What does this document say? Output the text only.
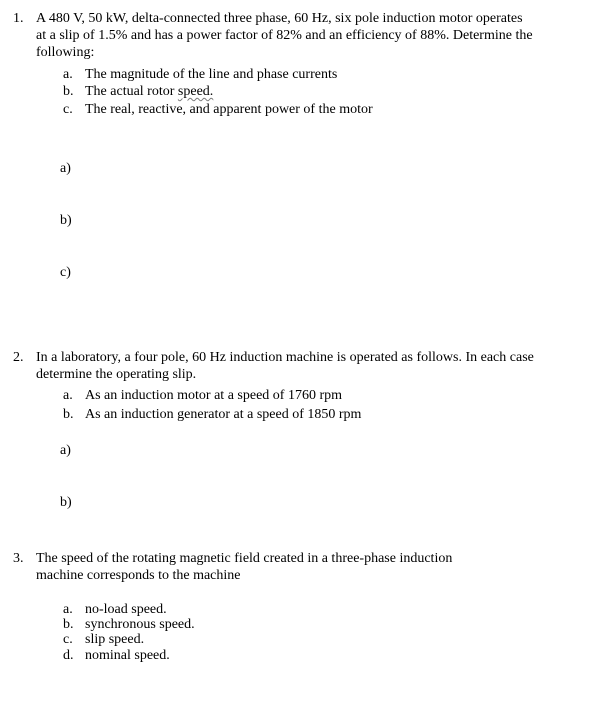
1. A 480 V, 50 kW, delta-connected three phase, 60 Hz, six pole induction motor operates
at a slip of 1.5% and has a power factor of 82% and an efficiency of 88%. Determine the
following:
a. The magnitude of the line and phase currents
b. The actual rotor speed.
c. The real, reactive, and apparent power of the motor
a)
b)
c)
2. In a laboratory, a four pole, 60 Hz induction machine is operated as follows. In each case
determine the operating slip.
a. As an induction motor at a speed of 1760 rpm
b. As an induction generator at a speed of 1850 rpm
a)
b)
3. The speed of the rotating magnetic field created in a three-phase induction
machine corresponds to the machine
a. no-load speed.
b. synchronous speed.
c. slip speed.
d. nominal speed.
